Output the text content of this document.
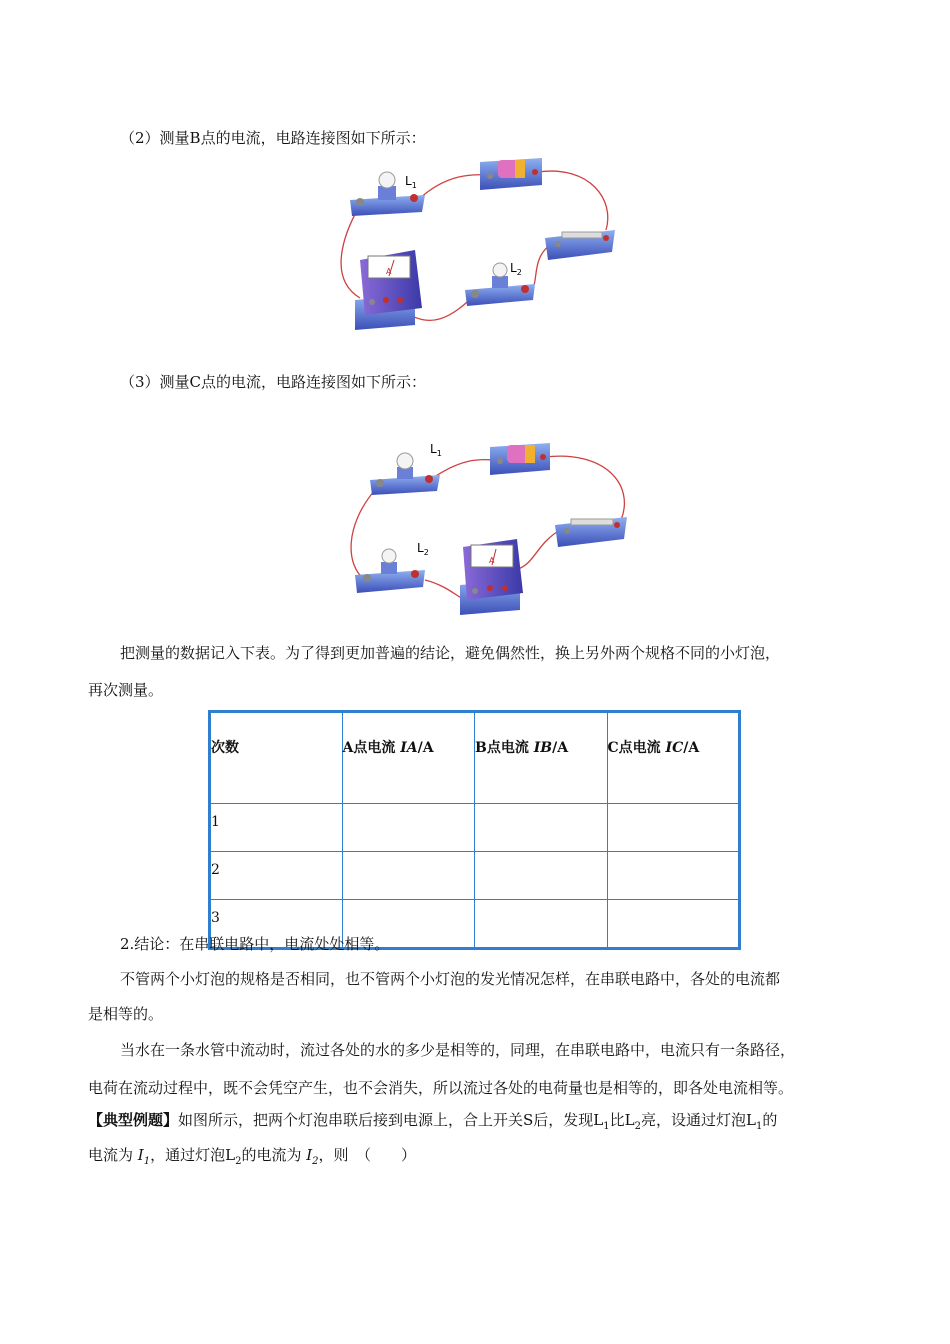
（2）测量B点的电流，电路连接图如下所示：
$L_1$
A	$L_2$
（3）测量C点的电流，电路连接图如下所示：
$L_1$
$L_2$
A
把测量的数据记入下表。为了得到更加普遍的结论，避免偶然性，换上另外两个规格不同的小灯泡，
再次测量。
次数	A点电流 IA/A	B点电流 IB/A	C点电流 IC/A
1			
2			
3			
2.结论：在串联电路中，电流处处相等。
不管两个小灯泡的规格是否相同，也不管两个小灯泡的发光情况怎样，在串联电路中，各处的电流都
是相等的。
当水在一条水管中流动时，流过各处的水的多少是相等的，同理，在串联电路中，电流只有一条路径，
电荷在流动过程中，既不会凭空产生，也不会消失，所以流过各处的电荷量也是相等的，即各处电流相等。
【典型例题】如图所示，把两个灯泡串联后接到电源上，合上开关S后，发现$L_1$比$L_2$亮，设通过灯泡$L_1$的
电流为 $I_1$，通过灯泡$L_2$的电流为 $I_2$，则　（　　）
